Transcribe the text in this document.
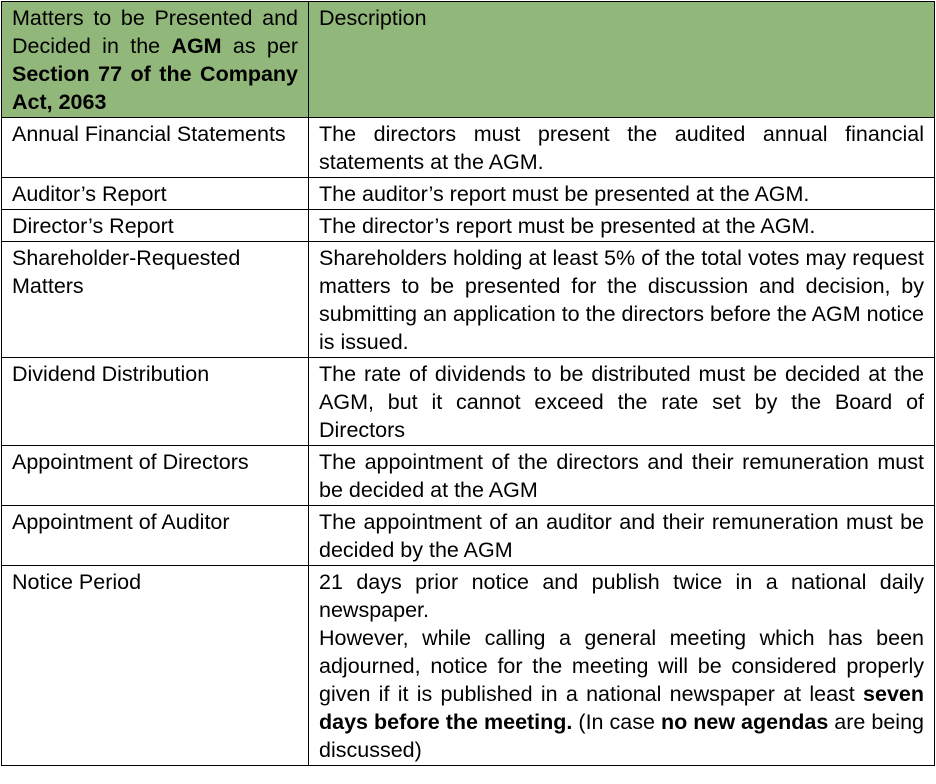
Matters to be Presented and Decided in the AGM as per Section 77 of the Company Act, 2063	Description
Annual Financial Statements	The directors must present the audited annual financial statements at the AGM.
Auditor’s Report	The auditor’s report must be presented at the AGM.
Director’s Report	The director’s report must be presented at the AGM.
Shareholder-Requested Matters	Shareholders holding at least 5% of the total votes may request matters to be presented for the discussion and decision, by submitting an application to the directors before the AGM notice is issued.
Dividend Distribution	The rate of dividends to be distributed must be decided at the AGM, but it cannot exceed the rate set by the Board of Directors
Appointment of Directors	The appointment of the directors and their remuneration must be decided at the AGM
Appointment of Auditor	The appointment of an auditor and their remuneration must be decided by the AGM
Notice Period	21 days prior notice and publish twice in a national daily newspaper.
However, while calling a general meeting which has been adjourned, notice for the meeting will be considered properly given if it is published in a national newspaper at least seven days before the meeting. (In case no new agendas are being discussed)
